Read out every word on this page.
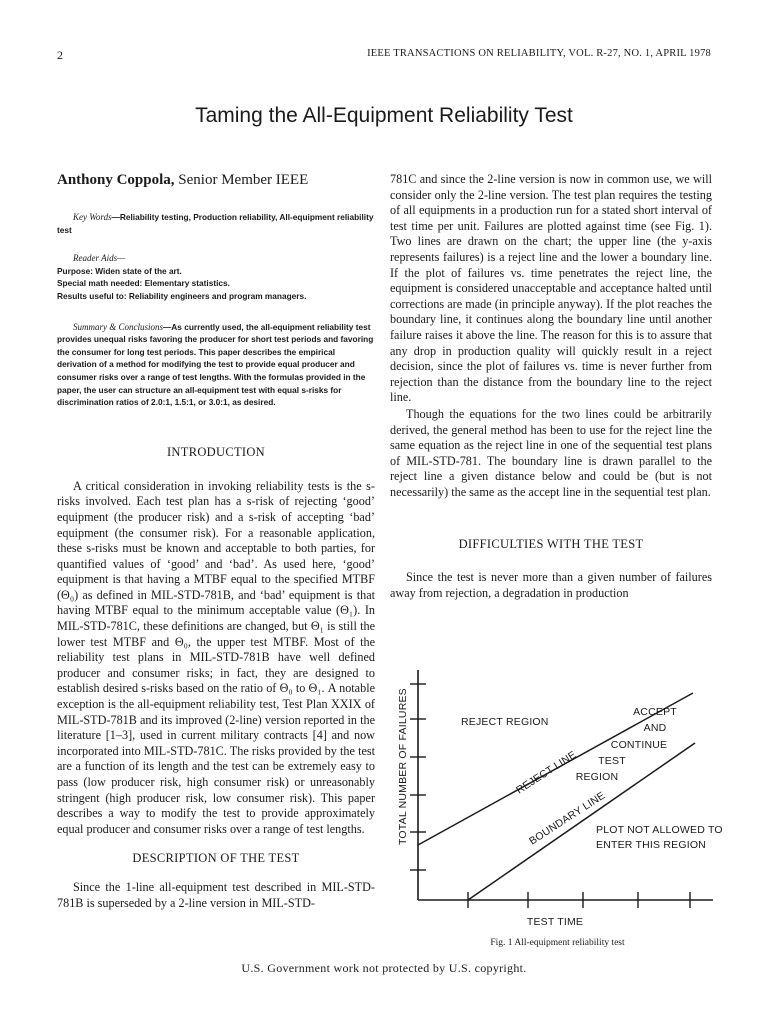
2	IEEE TRANSACTIONS ON RELIABILITY, VOL. R-27, NO. 1, APRIL 1978
Taming the All-Equipment Reliability Test

Anthony Coppola, Senior Member IEEE

Key Words—Reliability testing, Production reliability, All-equipment reliability test

Reader Aids—

Purpose: Widen state of the art.

Special math needed: Elementary statistics.

Results useful to: Reliability engineers and program managers.

Summary & Conclusions—As currently used, the all-equipment reliability test provides unequal risks favoring the producer for short test periods and favoring the consumer for long test periods. This paper describes the empirical derivation of a method for modifying the test to provide equal producer and consumer risks over a range of test lengths. With the formulas provided in the paper, the user can structure an all-equipment test with equal s-risks for discrimination ratios of 2.0:1, 1.5:1, or 3.0:1, as desired.

INTRODUCTION

A critical consideration in invoking reliability tests is the s-risks involved. Each test plan has a s-risk of rejecting ‘good’ equipment (the producer risk) and a s-risk of accepting ‘bad’ equipment (the consumer risk). For a reasonable application, these s-risks must be known and acceptable to both parties, for quantified values of ‘good’ and ‘bad’. As used here, ‘good’ equipment is that having a MTBF equal to the specified MTBF (Θ₀) as defined in MIL-STD-781B, and ‘bad’ equipment is that having MTBF equal to the minimum acceptable value (Θ₁). In MIL-STD-781C, these definitions are changed, but Θ₁ is still the lower test MTBF and Θ₀, the upper test MTBF. Most of the reliability test plans in MIL-STD-781B have well defined producer and consumer risks; in fact, they are designed to establish desired s-risks based on the ratio of Θ₀ to Θ₁. A notable exception is the all-equipment reliability test, Test Plan XXIX of MIL-STD-781B and its improved (2-line) version reported in the literature [1–3], used in current military contracts [4] and now incorporated into MIL-STD-781C. The risks provided by the test are a function of its length and the test can be extremely easy to pass (low producer risk, high consumer risk) or unreasonably stringent (high producer risk, low consumer risk). This paper describes a way to modify the test to provide approximately equal producer and consumer risks over a range of test lengths.

DESCRIPTION OF THE TEST

Since the 1-line all-equipment test described in MIL-STD-781B is superseded by a 2-line version in MIL-STD-

781C and since the 2-line version is now in common use, we will consider only the 2-line version. The test plan requires the testing of all equipments in a production run for a stated short interval of test time per unit. Failures are plotted against time (see Fig. 1). Two lines are drawn on the chart; the upper line (the y-axis represents failures) is a reject line and the lower a boundary line. If the plot of failures vs. time penetrates the reject line, the equipment is considered unacceptable and acceptance halted until corrections are made (in principle anyway). If the plot reaches the boundary line, it continues along the boundary line until another failure raises it above the line. The reason for this is to assure that any drop in production quality will quickly result in a reject decision, since the plot of failures vs. time is never further from rejection than the distance from the boundary line to the reject line.

Though the equations for the two lines could be arbitrarily derived, the general method has been to use for the reject line the same equation as the reject line in one of the sequential test plans of MIL-STD-781. The boundary line is drawn parallel to the reject line a given distance below and could be (but is not necessarily) the same as the accept line in the sequential test plan.

DIFFICULTIES WITH THE TEST

Since the test is never more than a given number of failures away from rejection, a degradation in production

TOTAL NUMBER OF FAILURES	REJECT REGION
REJECT LINE
BOUNDARY LINE
ACCEPT
AND
CONTINUE
TEST
REGION
PLOT NOT ALLOWED TO
ENTER THIS REGION
TEST TIME
Fig. 1 All-equipment reliability test
U.S. Government work not protected by U.S. copyright.
